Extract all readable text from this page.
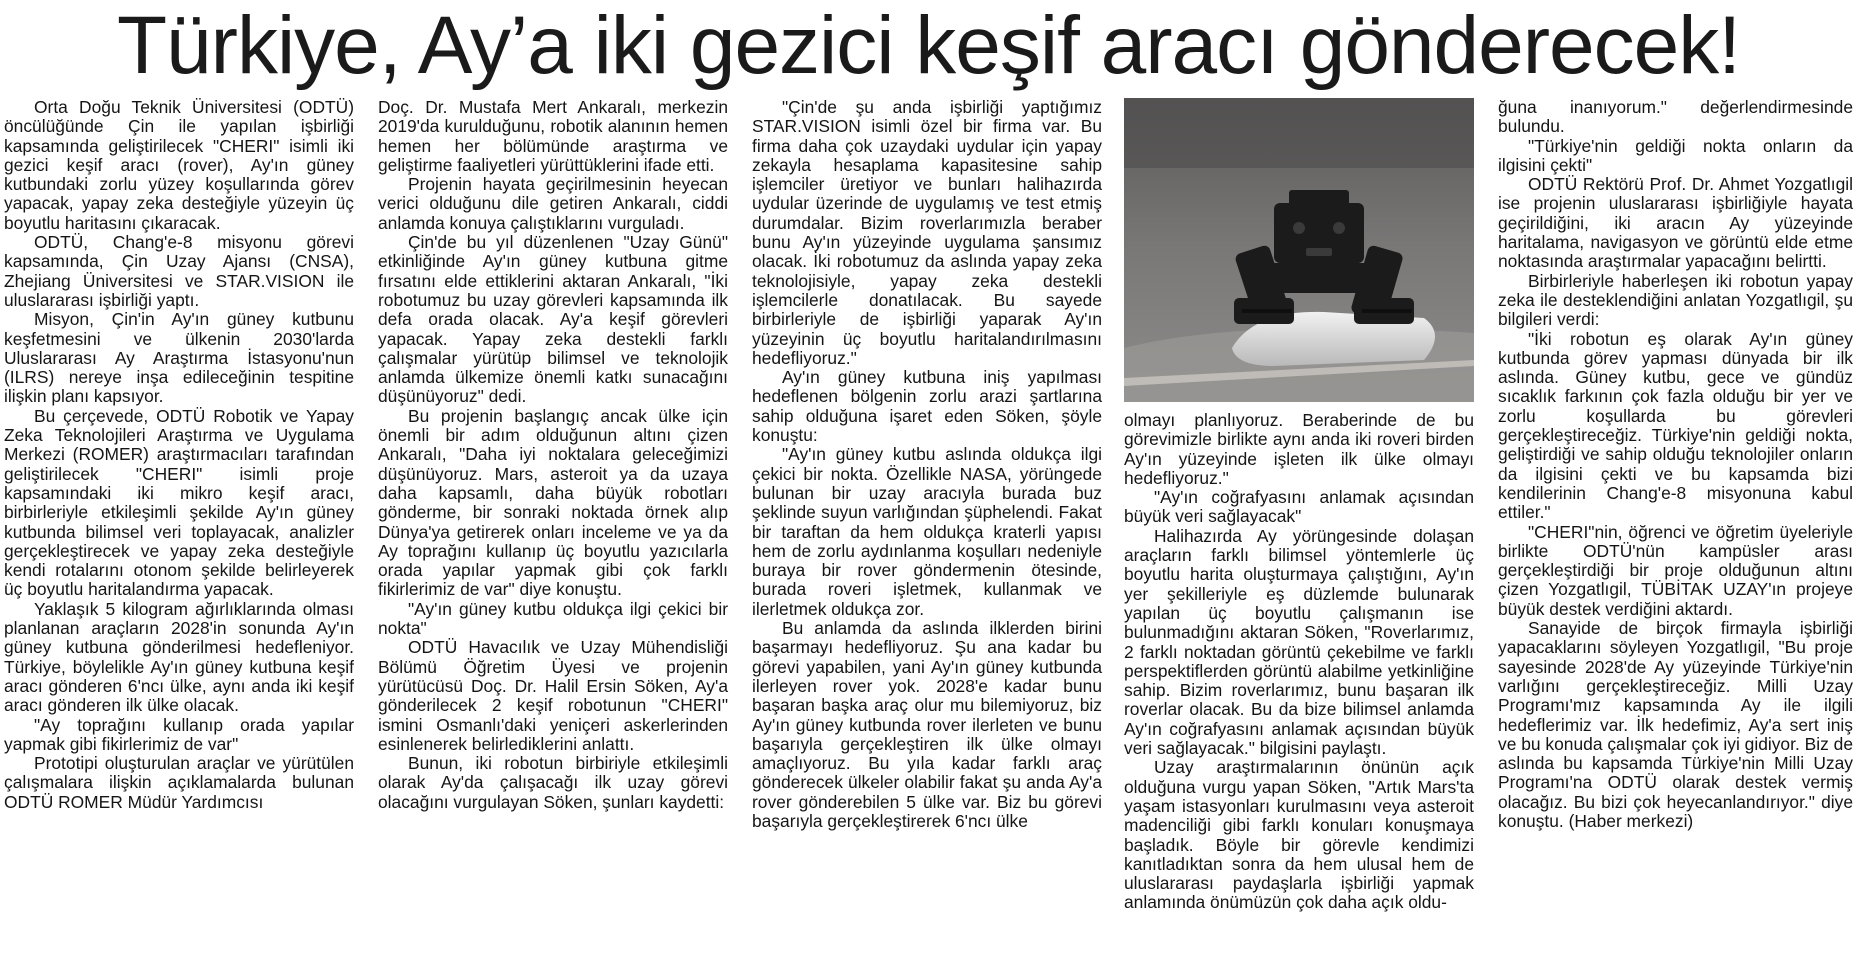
Türkiye, Ay’a iki gezici keşif aracı gönderecek!

Orta Doğu Teknik Üniversitesi (ODTÜ) öncülüğünde Çin ile yapılan işbirliği kapsamında geliştirilecek "CHERI" isimli iki gezici keşif aracı (rover), Ay'ın güney kutbundaki zorlu yüzey koşullarında görev yapacak, yapay zeka desteğiyle yüzeyin üç boyutlu haritasını çıkaracak.

ODTÜ, Chang'e-8 misyonu görevi kapsamında, Çin Uzay Ajansı (CNSA), Zhejiang Üniversitesi ve STAR.VISION ile uluslararası işbirliği yaptı.

Misyon, Çin'in Ay'ın güney kutbunu keşfetmesini ve ülkenin 2030'larda Uluslararası Ay Araştırma İstasyonu'nun (ILRS) nereye inşa edileceğinin tespitine ilişkin planı kapsıyor.

Bu çerçevede, ODTÜ Robotik ve Yapay Zeka Teknolojileri Araştırma ve Uygulama Merkezi (ROMER) araştırmacıları tarafından geliştirilecek "CHERI" isimli proje kapsamındaki iki mikro keşif aracı, birbirleriyle etkileşimli şekilde Ay'ın güney kutbunda bilimsel veri toplayacak, analizler gerçekleştirecek ve yapay zeka desteğiyle kendi rotalarını otonom şekilde belirleyerek üç boyutlu haritalandırma yapacak.

Yaklaşık 5 kilogram ağırlıklarında olması planlanan araçların 2028'in sonunda Ay'ın güney kutbuna gönderilmesi hedefleniyor. Türkiye, böylelikle Ay'ın güney kutbuna keşif aracı gönderen 6'ncı ülke, aynı anda iki keşif aracı gönderen ilk ülke olacak.

"Ay toprağını kullanıp orada yapılar yapmak gibi fikirlerimiz de var"

Prototipi oluşturulan araçlar ve yürütülen çalışmalara ilişkin açıklamalarda bulunan ODTÜ ROMER Müdür Yardımcısı

Doç. Dr. Mustafa Mert Ankaralı, merkezin 2019'da kurulduğunu, robotik alanının hemen hemen her bölümünde araştırma ve geliştirme faaliyetleri yürüttüklerini ifade etti.

Projenin hayata geçirilmesinin heyecan verici olduğunu dile getiren Ankaralı, ciddi anlamda konuya çalıştıklarını vurguladı.

Çin'de bu yıl düzenlenen "Uzay Günü" etkinliğinde Ay'ın güney kutbuna gitme fırsatını elde ettiklerini aktaran Ankaralı, "İki robotumuz bu uzay görevleri kapsamında ilk defa orada olacak. Ay'a keşif görevleri yapacak. Yapay zeka destekli farklı çalışmalar yürütüp bilimsel ve teknolojik anlamda ülkemize önemli katkı sunacağını düşünüyoruz" dedi.

Bu projenin başlangıç ancak ülke için önemli bir adım olduğunun altını çizen Ankaralı, "Daha iyi noktalara geleceğimizi düşünüyoruz. Mars, asteroit ya da uzaya daha kapsamlı, daha büyük robotları gönderme, bir sonraki noktada örnek alıp Dünya'ya getirerek onları inceleme ve ya da Ay toprağını kullanıp üç boyutlu yazıcılarla orada yapılar yapmak gibi çok farklı fikirlerimiz de var" diye konuştu.

"Ay'ın güney kutbu oldukça ilgi çekici bir nokta"

ODTÜ Havacılık ve Uzay Mühendisliği Bölümü Öğretim Üyesi ve projenin yürütücüsü Doç. Dr. Halil Ersin Söken, Ay'a gönderilecek 2 keşif robotunun "CHERI" ismini Osmanlı'daki yeniçeri askerlerinden esinlenerek belirlediklerini anlattı.

Bunun, iki robotun birbiriyle etkileşimli olarak Ay'da çalışacağı ilk uzay görevi olacağını vurgulayan Söken, şunları kaydetti:

"Çin'de şu anda işbirliği yaptığımız STAR.VISION isimli özel bir firma var. Bu firma daha çok uzaydaki uydular için yapay zekayla hesaplama kapasitesine sahip işlemciler üretiyor ve bunları halihazırda uydular üzerinde de uygulamış ve test etmiş durumdalar. Bizim roverlarımızla beraber bunu Ay'ın yüzeyinde uygulama şansımız olacak. İki robotumuz da aslında yapay zeka teknolojisiyle, yapay zeka destekli işlemcilerle donatılacak. Bu sayede birbirleriyle de işbirliği yaparak Ay'ın yüzeyinin üç boyutlu haritalandırılmasını hedefliyoruz."

Ay'ın güney kutbuna iniş yapılması hedeflenen bölgenin zorlu arazi şartlarına sahip olduğuna işaret eden Söken, şöyle konuştu:

"Ay'ın güney kutbu aslında oldukça ilgi çekici bir nokta. Özellikle NASA, yörüngede bulunan bir uzay aracıyla burada buz şeklinde suyun varlığından şüphelendi. Fakat bir taraftan da hem oldukça kraterli yapısı hem de zorlu aydınlanma koşulları nedeniyle buraya bir rover göndermenin ötesinde, burada roveri işletmek, kullanmak ve ilerletmek oldukça zor.

Bu anlamda da aslında ilklerden birini başarmayı hedefliyoruz. Şu ana kadar bu görevi yapabilen, yani Ay'ın güney kutbunda ilerleyen rover yok. 2028'e kadar bunu başaran başka araç olur mu bilemiyoruz, biz Ay'ın güney kutbunda rover ilerleten ve bunu başarıyla gerçekleştiren ilk ülke olmayı amaçlıyoruz. Bu yıla kadar farklı araç gönderecek ülkeler olabilir fakat şu anda Ay'a rover gönderebilen 5 ülke var. Biz bu görevi başarıyla gerçekleştirerek 6'ncı ülke

olmayı planlıyoruz. Beraberinde de bu görevimizle birlikte aynı anda iki roveri birden Ay'ın yüzeyinde işleten ilk ülke olmayı hedefliyoruz."

"Ay'ın coğrafyasını anlamak açısından büyük veri sağlayacak"

Halihazırda Ay yörüngesinde dolaşan araçların farklı bilimsel yöntemlerle üç boyutlu harita oluşturmaya çalıştığını, Ay'ın yer şekilleriyle eş düzlemde bulunarak yapılan üç boyutlu çalışmanın ise bulunmadığını aktaran Söken, "Roverlarımız, 2 farklı noktadan görüntü çekebilme ve farklı perspektiflerden görüntü alabilme yetkinliğine sahip. Bizim roverlarımız, bunu başaran ilk roverlar olacak. Bu da bize bilimsel anlamda Ay'ın coğrafyasını anlamak açısından büyük veri sağlayacak." bilgisini paylaştı.

Uzay araştırmalarının önünün açık olduğuna vurgu yapan Söken, "Artık Mars'ta yaşam istasyonları kurulmasını veya asteroit madenciliği gibi farklı konuları konuşmaya başladık. Böyle bir görevle kendimizi kanıtladıktan sonra da hem ulusal hem de uluslararası paydaşlarla işbirliği yapmak anlamında önümüzün çok daha açık oldu-

ğuna inanıyorum." değerlendirmesinde bulundu.

"Türkiye'nin geldiği nokta onların da ilgisini çekti"

ODTÜ Rektörü Prof. Dr. Ahmet Yozgatlıgil ise projenin uluslararası işbirliğiyle hayata geçirildiğini, iki aracın Ay yüzeyinde haritalama, navigasyon ve görüntü elde etme noktasında araştırmalar yapacağını belirtti.

Birbirleriyle haberleşen iki robotun yapay zeka ile desteklendiğini anlatan Yozgatlıgil, şu bilgileri verdi:

"İki robotun eş olarak Ay'ın güney kutbunda görev yapması dünyada bir ilk aslında. Güney kutbu, gece ve gündüz sıcaklık farkının çok fazla olduğu bir yer ve zorlu koşullarda bu görevleri gerçekleştireceğiz. Türkiye'nin geldiği nokta, geliştirdiği ve sahip olduğu teknolojiler onların da ilgisini çekti ve bu kapsamda bizi kendilerinin Chang'e-8 misyonuna kabul ettiler."

"CHERI"nin, öğrenci ve öğretim üyeleriyle birlikte ODTÜ'nün kampüsler arası gerçekleştirdiği bir proje olduğunun altını çizen Yozgatlıgil, TÜBİTAK UZAY'ın projeye büyük destek verdiğini aktardı.

Sanayide de birçok firmayla işbirliği yapacaklarını söyleyen Yozgatlıgil, "Bu proje sayesinde 2028'de Ay yüzeyinde Türkiye'nin varlığını gerçekleştireceğiz. Milli Uzay Programı'mız kapsamında Ay ile ilgili hedeflerimiz var. İlk hedefimiz, Ay'a sert iniş ve bu konuda çalışmalar çok iyi gidiyor. Biz de aslında bu kapsamda Türkiye'nin Milli Uzay Programı'na ODTÜ olarak destek vermiş olacağız. Bu bizi çok heyecanlandırıyor." diye konuştu. (Haber merkezi)
